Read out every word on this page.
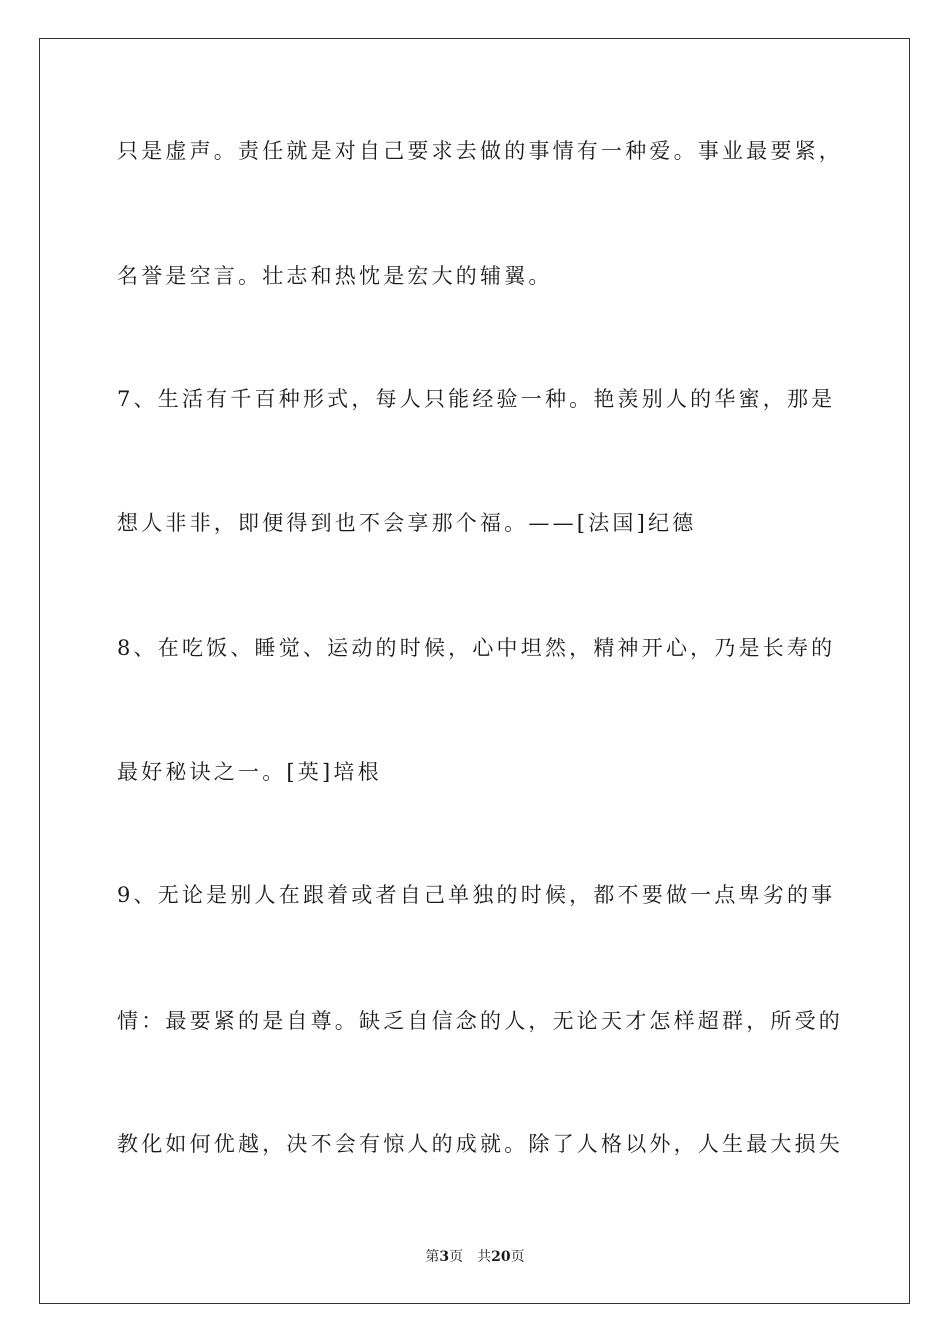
只是虚声。责任就是对自己要求去做的事情有一种爱。事业最要紧，
名誉是空言。壮志和热忱是宏大的辅翼。
7、生活有千百种形式，每人只能经验一种。艳羡别人的华蜜，那是
想人非非，即便得到也不会享那个福。——[法国]纪德
8、在吃饭、睡觉、运动的时候，心中坦然，精神开心，乃是长寿的
最好秘诀之一。[英]培根
9、无论是别人在跟着或者自己单独的时候，都不要做一点卑劣的事
情：最要紧的是自尊。缺乏自信念的人，无论天才怎样超群，所受的
教化如何优越，决不会有惊人的成就。除了人格以外，人生最大损失
第3页 共20页
